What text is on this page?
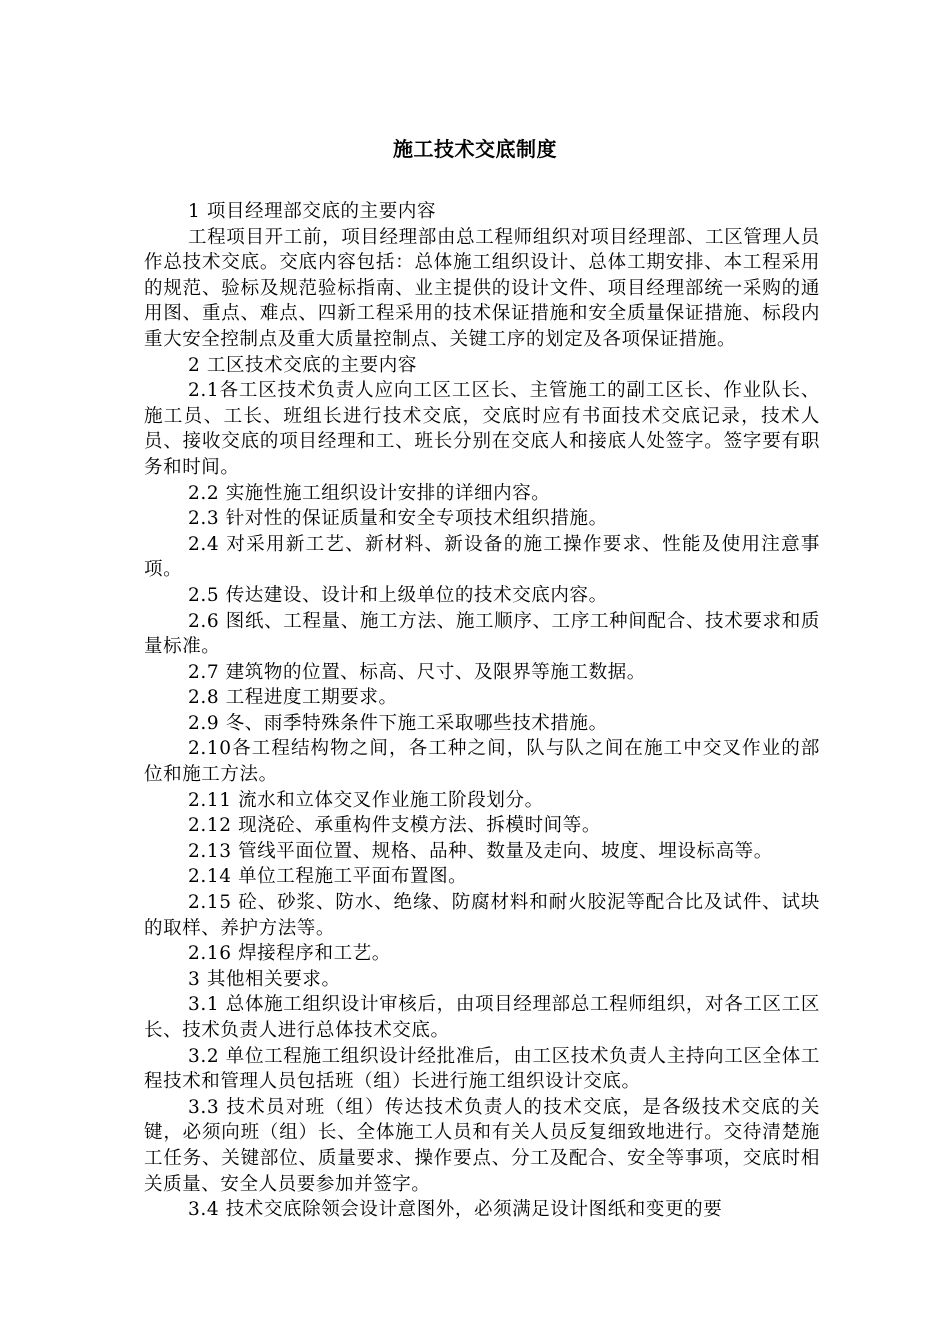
施工技术交底制度

1 项目经理部交底的主要内容

工程项目开工前，项目经理部由总工程师组织对项目经理部、工区管理人员作总技术交底。交底内容包括：总体施工组织设计、总体工期安排、本工程采用的规范、验标及规范验标指南、业主提供的设计文件、项目经理部统一采购的通用图、重点、难点、四新工程采用的技术保证措施和安全质量保证措施、标段内重大安全控制点及重大质量控制点、关键工序的划定及各项保证措施。

2 工区技术交底的主要内容

2.1各工区技术负责人应向工区工区长、主管施工的副工区长、作业队长、施工员、工长、班组长进行技术交底，交底时应有书面技术交底记录，技术人员、接收交底的项目经理和工、班长分别在交底人和接底人处签字。签字要有职务和时间。

2.2 实施性施工组织设计安排的详细内容。

2.3 针对性的保证质量和安全专项技术组织措施。

2.4 对采用新工艺、新材料、新设备的施工操作要求、性能及使用注意事项。

2.5 传达建设、设计和上级单位的技术交底内容。

2.6 图纸、工程量、施工方法、施工顺序、工序工种间配合、技术要求和质量标准。

2.7 建筑物的位置、标高、尺寸、及限界等施工数据。

2.8 工程进度工期要求。

2.9 冬、雨季特殊条件下施工采取哪些技术措施。

2.10各工程结构物之间，各工种之间，队与队之间在施工中交叉作业的部位和施工方法。

2.11 流水和立体交叉作业施工阶段划分。

2.12 现浇砼、承重构件支模方法、拆模时间等。

2.13 管线平面位置、规格、品种、数量及走向、坡度、埋设标高等。

2.14 单位工程施工平面布置图。

2.15 砼、砂浆、防水、绝缘、防腐材料和耐火胶泥等配合比及试件、试块的取样、养护方法等。

2.16 焊接程序和工艺。

3 其他相关要求。

3.1 总体施工组织设计审核后，由项目经理部总工程师组织，对各工区工区长、技术负责人进行总体技术交底。

3.2 单位工程施工组织设计经批准后，由工区技术负责人主持向工区全体工程技术和管理人员包括班（组）长进行施工组织设计交底。

3.3 技术员对班（组）传达技术负责人的技术交底，是各级技术交底的关键，必须向班（组）长、全体施工人员和有关人员反复细致地进行。交待清楚施工任务、关键部位、质量要求、操作要点、分工及配合、安全等事项，交底时相关质量、安全人员要参加并签字。

3.4 技术交底除领会设计意图外，必须满足设计图纸和变更的要
